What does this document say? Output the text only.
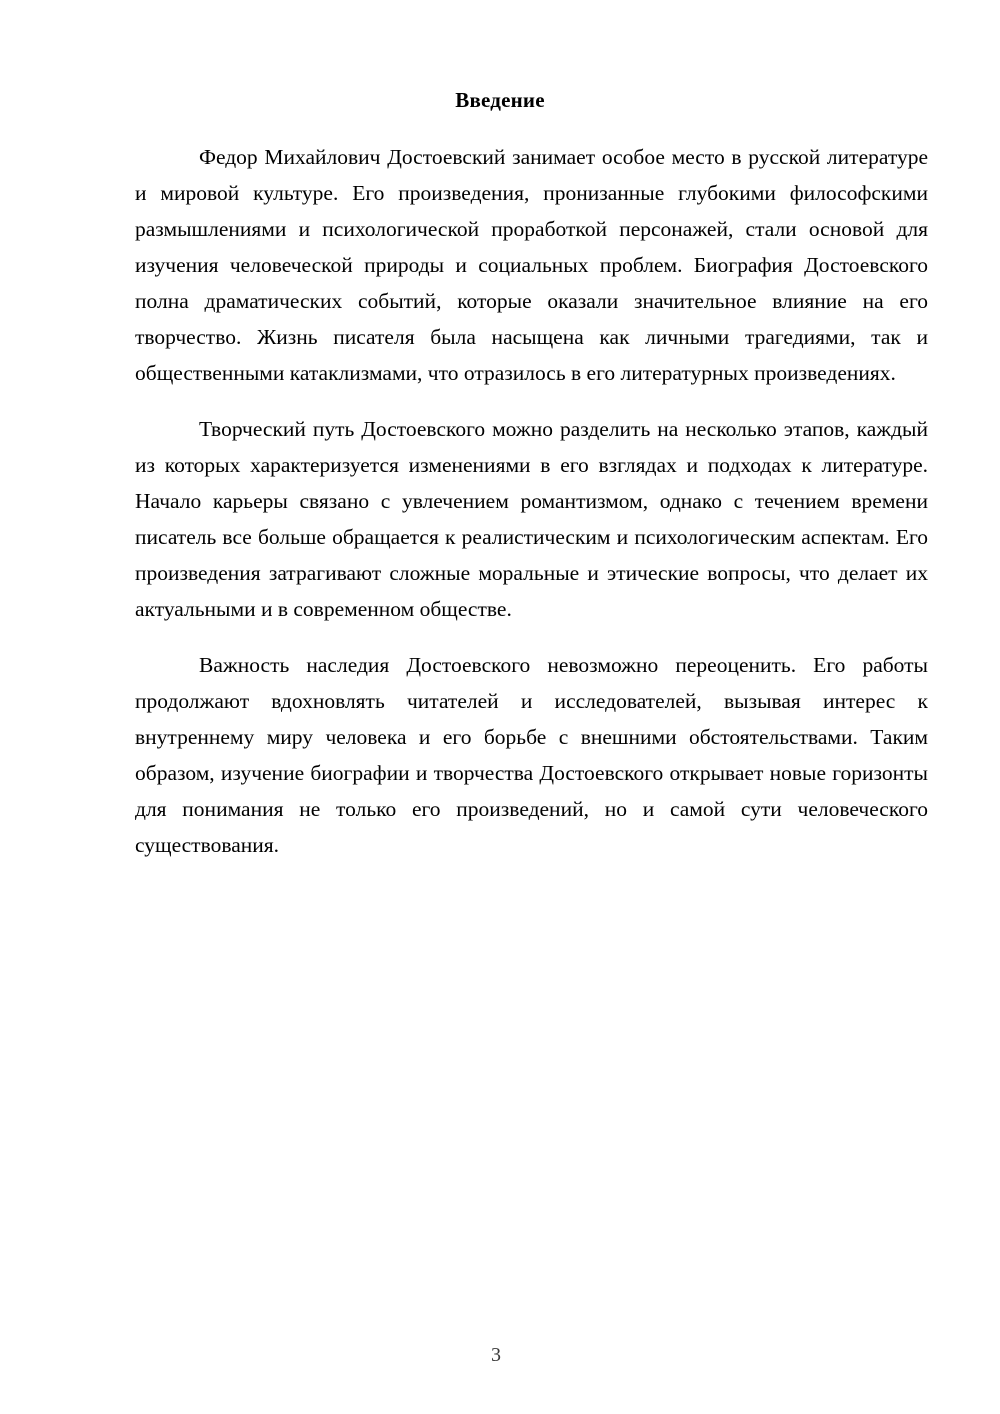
Введение

Федор Михайлович Достоевский занимает особое место в русской литературе и мировой культуре. Его произведения, пронизанные глубокими философскими размышлениями и психологической проработкой персонажей, стали основой для изучения человеческой природы и социальных проблем. Биография Достоевского полна драматических событий, которые оказали значительное влияние на его творчество. Жизнь писателя была насыщена как личными трагедиями, так и общественными катаклизмами, что отразилось в его литературных произведениях.

Творческий путь Достоевского можно разделить на несколько этапов, каждый из которых характеризуется изменениями в его взглядах и подходах к литературе. Начало карьеры связано с увлечением романтизмом, однако с течением времени писатель все больше обращается к реалистическим и психологическим аспектам. Его произведения затрагивают сложные моральные и этические вопросы, что делает их актуальными и в современном обществе.

Важность наследия Достоевского невозможно переоценить. Его работы продолжают вдохновлять читателей и исследователей, вызывая интерес к внутреннему миру человека и его борьбе с внешними обстоятельствами. Таким образом, изучение биографии и творчества Достоевского открывает новые горизонты для понимания не только его произведений, но и самой сути человеческого существования.

3
